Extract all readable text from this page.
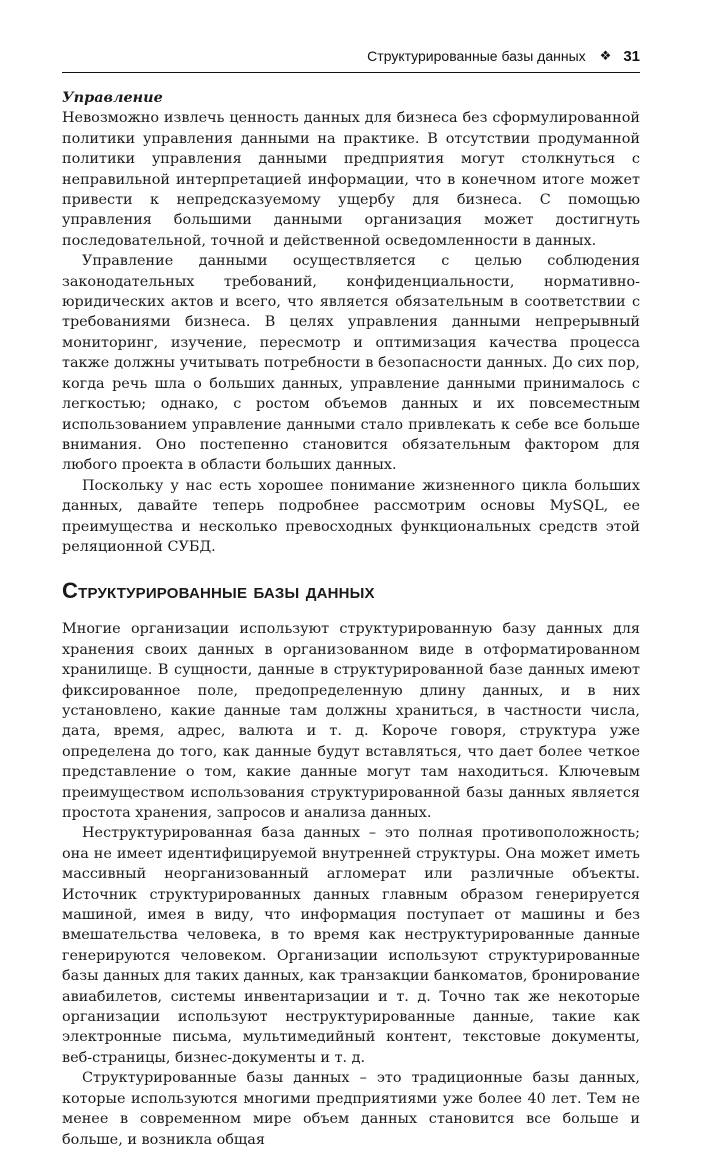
Структурированные базы данных ❖ 31

Управление

Невозможно извлечь ценность данных для бизнеса без сформулированной политики управления данными на практике. В отсутствии продуманной политики управления данными предприятия могут столкнуться с неправильной интерпретацией информации, что в конечном итоге может привести к непредсказуемому ущербу для бизнеса. С помощью управления большими данными организация может достигнуть последовательной, точной и действенной осведомленности в данных.

Управление данными осуществляется с целью соблюдения законодательных требований, конфиденциальности, нормативно-юридических актов и всего, что является обязательным в соответствии с требованиями бизнеса. В целях управления данными непрерывный мониторинг, изучение, пересмотр и оптимизация качества процесса также должны учитывать потребности в безопасности данных. До сих пор, когда речь шла о больших данных, управление данными принималось с легкостью; однако, с ростом объемов данных и их повсеместным использованием управление данными стало привлекать к себе все больше внимания. Оно постепенно становится обязательным фактором для любого проекта в области больших данных.

Поскольку у нас есть хорошее понимание жизненного цикла больших данных, давайте теперь подробнее рассмотрим основы MySQL, ее преимущества и несколько превосходных функциональных средств этой реляционной СУБД.

Структурированные базы данных

Многие организации используют структурированную базу данных для хранения своих данных в организованном виде в отформатированном хранилище. В сущности, данные в структурированной базе данных имеют фиксированное поле, предопределенную длину данных, и в них установлено, какие данные там должны храниться, в частности числа, дата, время, адрес, валюта и т. д. Короче говоря, структура уже определена до того, как данные будут вставляться, что дает более четкое представление о том, какие данные могут там находиться. Ключевым преимуществом использования структурированной базы данных является простота хранения, запросов и анализа данных.

Неструктурированная база данных – это полная противоположность; она не имеет идентифицируемой внутренней структуры. Она может иметь массивный неорганизованный агломерат или различные объекты. Источник структурированных данных главным образом генерируется машиной, имея в виду, что информация поступает от машины и без вмешательства человека, в то время как неструктурированные данные генерируются человеком. Организации используют структурированные базы данных для таких данных, как транзакции банкоматов, бронирование авиабилетов, системы инвентаризации и т. д. Точно так же некоторые организации используют неструктурированные данные, такие как электронные письма, мультимедийный контент, текстовые документы, веб-страницы, бизнес-документы и т. д.

Структурированные базы данных – это традиционные базы данных, которые используются многими предприятиями уже более 40 лет. Тем не менее в современном мире объем данных становится все больше и больше, и возникла общая
